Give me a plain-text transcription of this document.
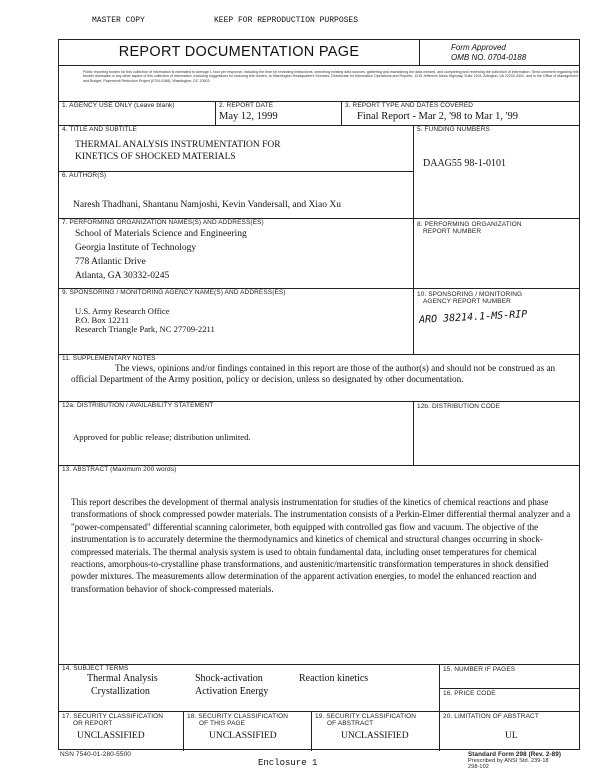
MASTER COPY	KEEP FOR REPRODUCTION PURPOSES
REPORT DOCUMENTATION PAGE	Form Approved
OMB NO. 0704-0188
Public reporting burden for this collection of information is estimated to average 1 hour per response, including the time for reviewing instructions, searching existing data sources, gathering and maintaining the data needed, and completing and reviewing the collection of information. Send comment regarding this burden estimates or any other aspect of this collection of information, including suggestions for reducing this burden, to Washington Headquarters Services, Directorate for Information Operations and Reports, 1215 Jefferson Davis Highway, Suite 1204, Arlington, VA 22202-4302, and to the Office of Management and Budget, Paperwork Reduction Project (0704-0188), Washington, DC 20503.
1. AGENCY USE ONLY (Leave blank)	2. REPORT DATE
May 12, 1999
3. REPORT TYPE AND DATES COVERED
Final Report - Mar 2, '98 to Mar 1, '99
4. TITLE AND SUBTITLE
THERMAL ANALYSIS INSTRUMENTATION FOR
KINETICS OF SHOCKED MATERIALS
5. FUNDING NUMBERS
DAAG55 98-1-0101
6. AUTHOR(S)
Naresh Thadhani, Shantanu Namjoshi, Kevin Vandersall, and Xiao Xu
7. PERFORMING ORGANIZATION NAMES(S) AND ADDRESS(ES)
School of Materials Science and Engineering
Georgia Institute of Technology
778 Atlantic Drive
Atlanta, GA 30332-0245
8. PERFORMING ORGANIZATION
REPORT NUMBER
9. SPONSORING / MONITORING AGENCY NAME(S) AND ADDRESS(ES)
U.S. Army Research Office
P.O. Box 12211
Research Triangle Park, NC 27709-2211
10. SPONSORING / MONITORING
AGENCY REPORT NUMBER
ARO 38214.1-MS-RIP
11. SUPPLEMENTARY NOTES
The views, opinions and/or findings contained in this report are those of the author(s) and should not be construed as an official Department of the Army position, policy or decision, unless so designated by other documentation.
12a. DISTRIBUTION / AVAILABILITY STATEMENT
Approved for public release; distribution unlimited.
12b. DISTRIBUTION CODE
13. ABSTRACT (Maximum 200 words)
This report describes the development of thermal analysis instrumentation for studies of the kinetics of chemical reactions and phase transformations of shock compressed powder materials. The instrumentation consists of a Perkin-Elmer differential thermal analyzer and a "power-compensated" differential scanning calorimeter, both equipped with controlled gas flow and vacuum. The objective of the instrumentation is to accurately determine the thermodynamics and kinetics of chemical and structural changes occurring in shock-compressed materials. The thermal analysis system is used to obtain fundamental data, including onset temperatures for chemical reactions, amorphous-to-crystalline phase transformations, and austenitic/martensitic transformation temperatures in shock densified powder mixtures. The measurements allow determination of the apparent activation energies, to model the enhanced reaction and transformation behavior of shock-compressed materials.
14. SUBJECT TERMS
Thermal Analysis	Shock-activation	Reaction kinetics
Crystallization	Activation Energy
15. NUMBER IF PAGES
16. PRICE CODE
17. SECURITY CLASSIFICATION
OR REPORT
UNCLASSIFIED
18. SECURITY CLASSIFICATION
OF THIS PAGE
UNCLASSIFIED
19. SECURITY CLASSIFICATION
OF ABSTRACT
UNCLASSIFIED
20. LIMITATION OF ABSTRACT
UL
NSN 7540-01-280-5500
Enclosure 1
Standard Form 298 (Rev. 2-89)
Prescribed by ANSI Std. 239-18
298-102
